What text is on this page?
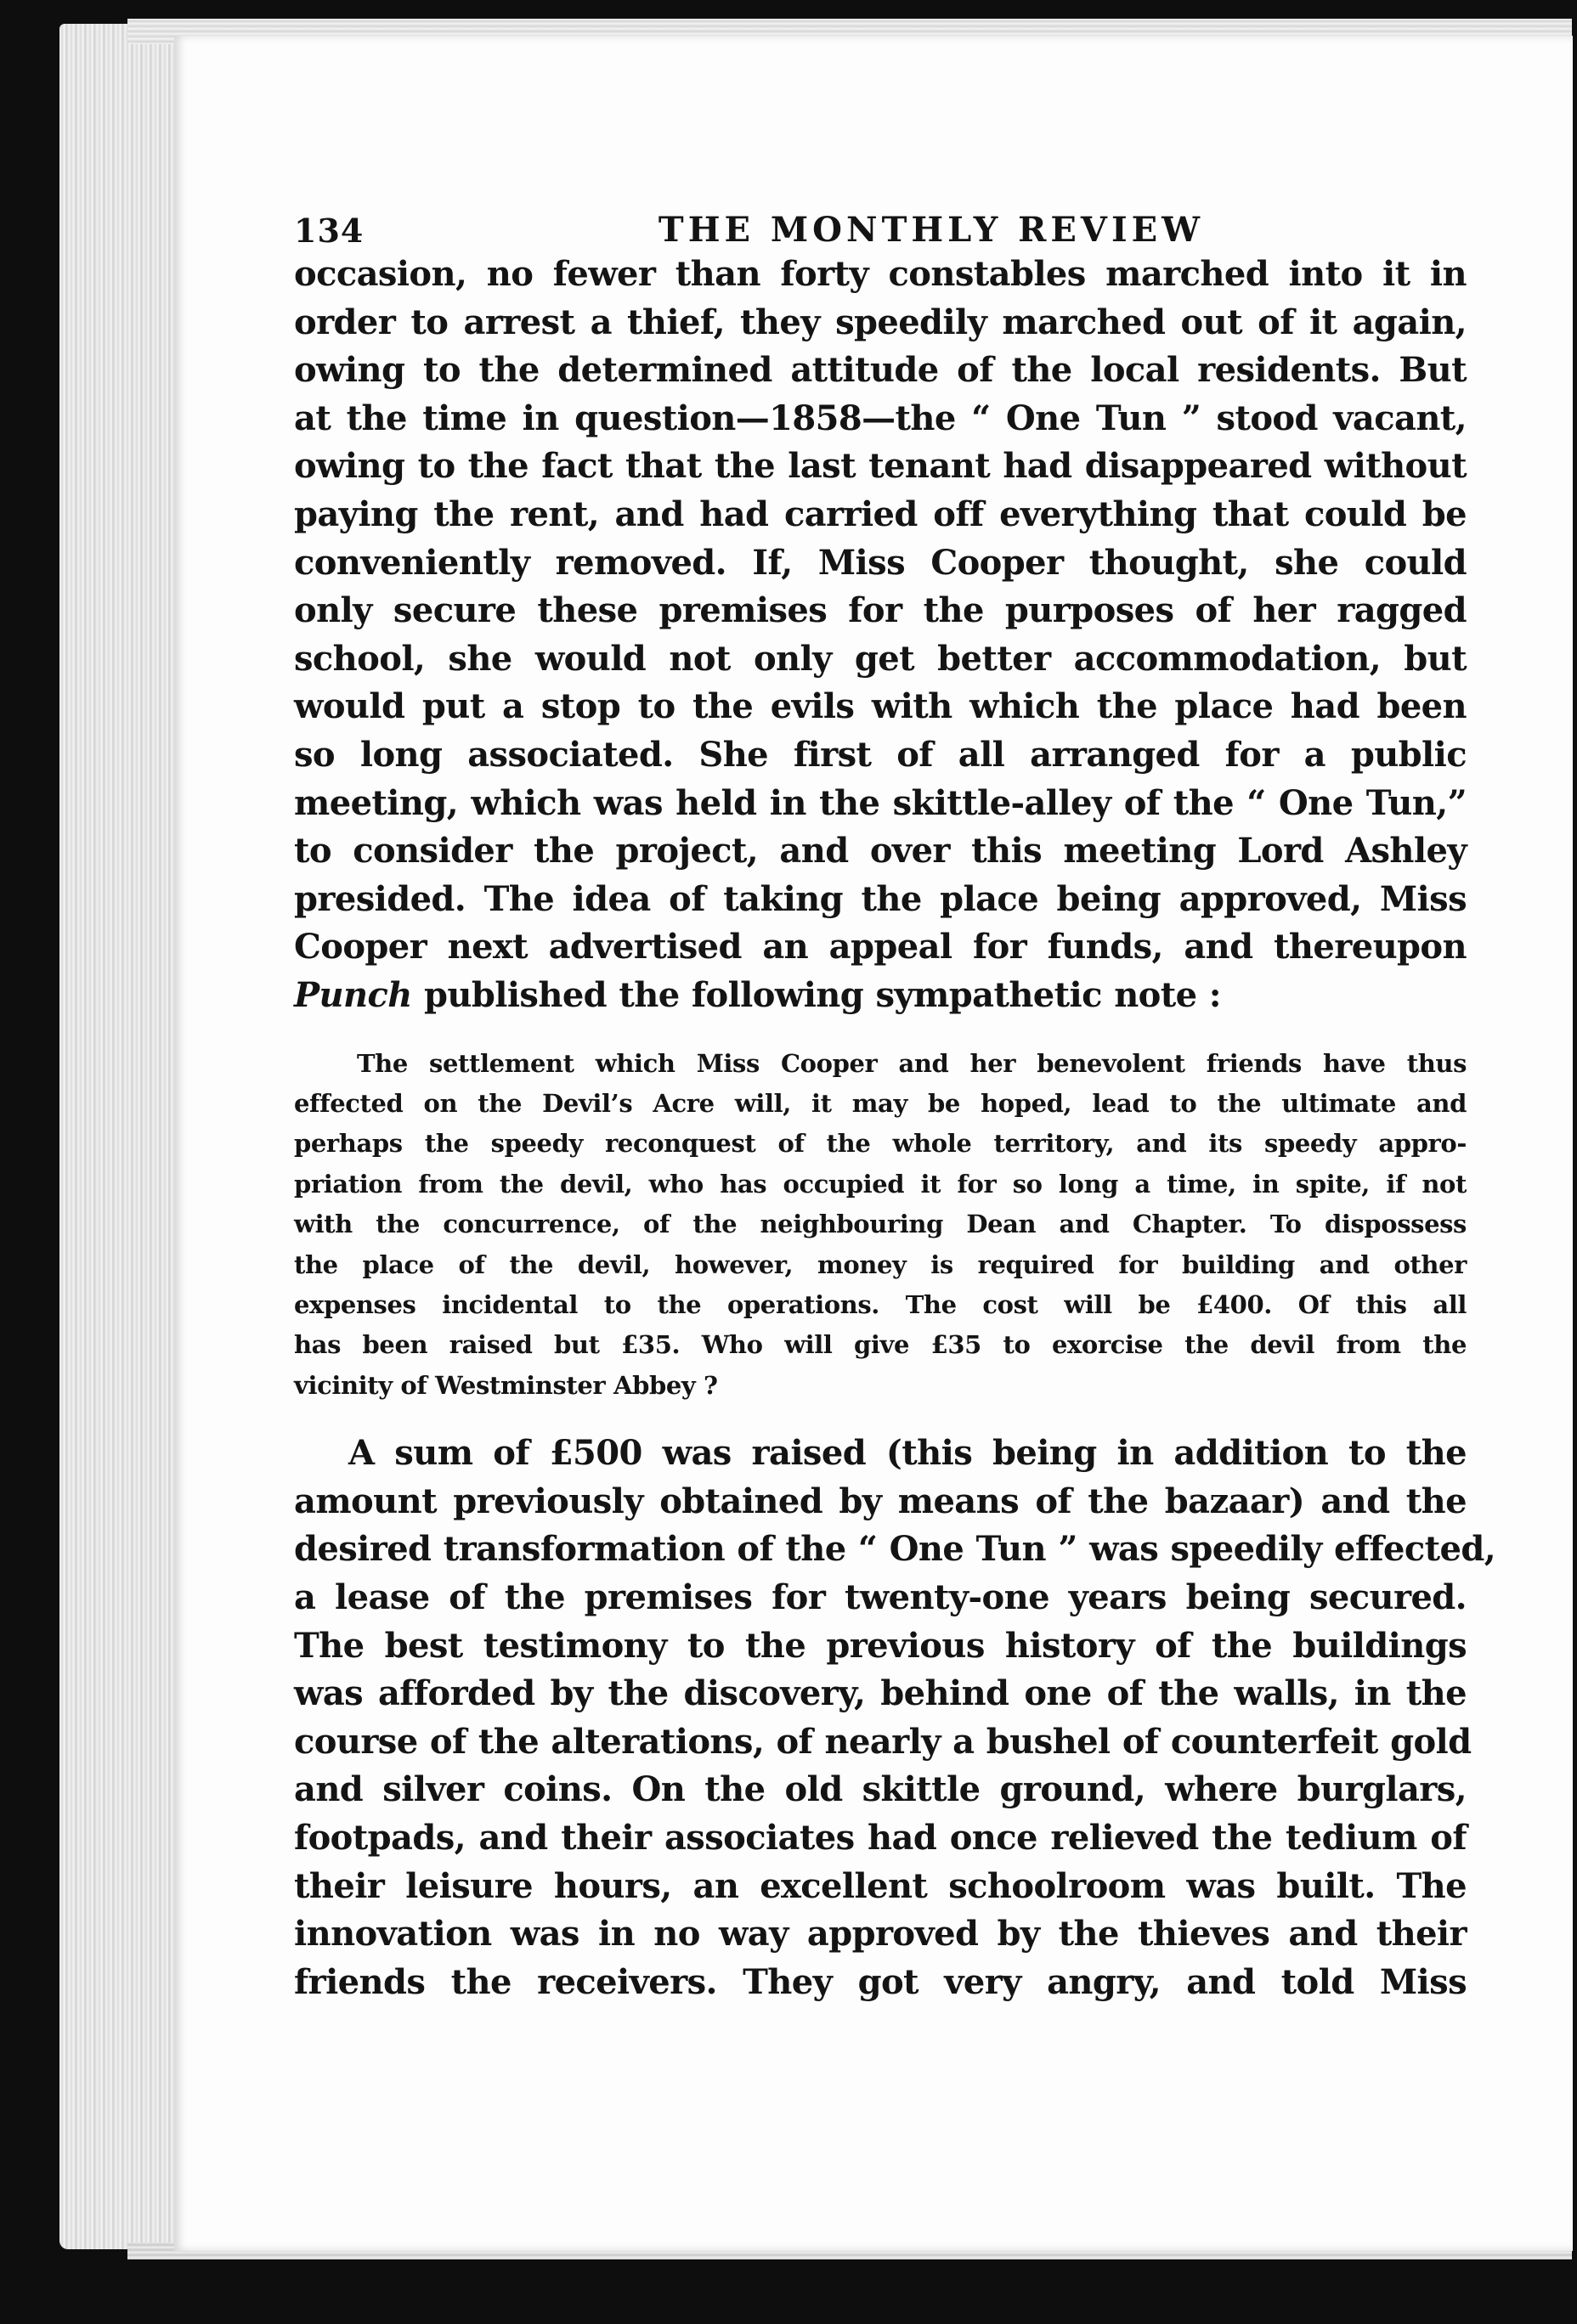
134	THE MONTHLY REVIEW

occasion, no fewer than forty constables marched into it in
order to arrest a thief, they speedily marched out of it again,
owing to the determined attitude of the local residents. But
at the time in question—1858—the “ One Tun ” stood vacant,
owing to the fact that the last tenant had disappeared without
paying the rent, and had carried off everything that could be
conveniently removed. If, Miss Cooper thought, she could
only secure these premises for the purposes of her ragged
school, she would not only get better accommodation, but
would put a stop to the evils with which the place had been
so long associated. She first of all arranged for a public
meeting, which was held in the skittle-alley of the “ One Tun,”
to consider the project, and over this meeting Lord Ashley
presided. The idea of taking the place being approved, Miss
Cooper next advertised an appeal for funds, and thereupon
Punch published the following sympathetic note :

The settlement which Miss Cooper and her benevolent friends have thus
effected on the Devil’s Acre will, it may be hoped, lead to the ultimate and
perhaps the speedy reconquest of the whole territory, and its speedy appro-
priation from the devil, who has occupied it for so long a time, in spite, if not
with the concurrence, of the neighbouring Dean and Chapter. To dispossess
the place of the devil, however, money is required for building and other
expenses incidental to the operations. The cost will be £400. Of this all
has been raised but £35. Who will give £35 to exorcise the devil from the
vicinity of Westminster Abbey ?

A sum of £500 was raised (this being in addition to the
amount previously obtained by means of the bazaar) and the
desired transformation of the “ One Tun ” was speedily effected,
a lease of the premises for twenty-one years being secured.
The best testimony to the previous history of the buildings
was afforded by the discovery, behind one of the walls, in the
course of the alterations, of nearly a bushel of counterfeit gold
and silver coins. On the old skittle ground, where burglars,
footpads, and their associates had once relieved the tedium of
their leisure hours, an excellent schoolroom was built. The
innovation was in no way approved by the thieves and their
friends the receivers. They got very angry, and told Miss
